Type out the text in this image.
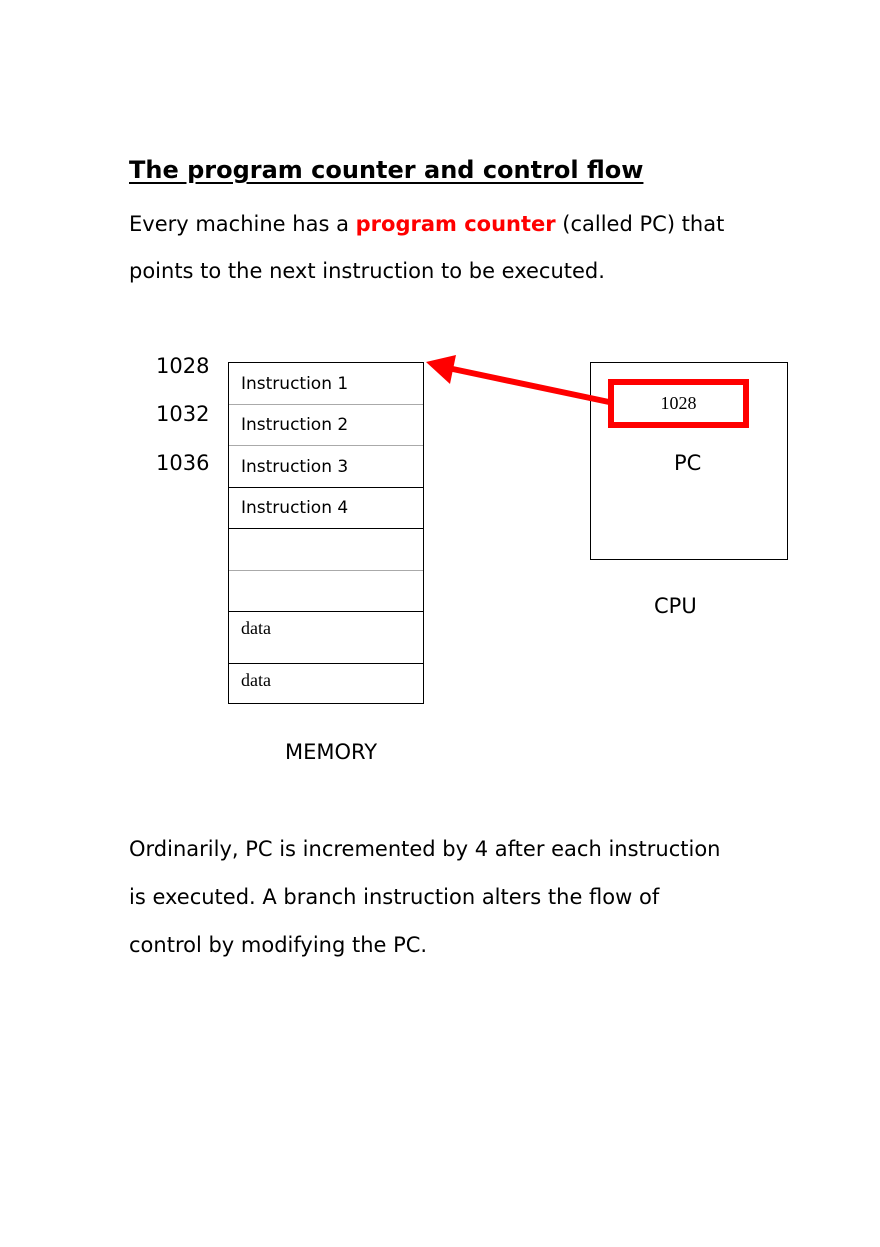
The program counter and control flow
Every machine has a program counter (called PC) that
points to the next instruction to be executed.
1028
1032
1036
Instruction 1
Instruction 2
Instruction 3
Instruction 4
data
data
MEMORY
1028
PC
CPU
Ordinarily, PC is incremented by 4 after each instruction
is executed. A branch instruction alters the flow of
control by modifying the PC.
